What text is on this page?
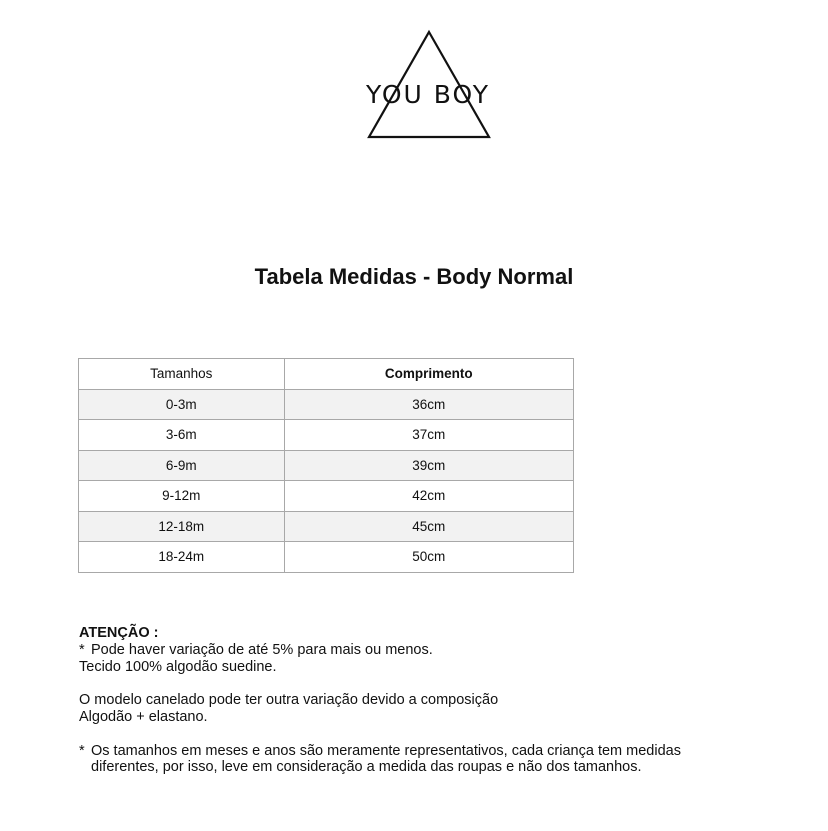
YOU BOY
Tabela Medidas - Body Normal
Tamanhos	Comprimento
0-3m	36cm
3-6m	37cm
6-9m	39cm
9-12m	42cm
12-18m	45cm
18-24m	50cm

ATENÇÃO :

* Pode haver variação de até 5% para mais ou menos.

Tecido 100% algodão suedine.

O modelo canelado pode ter outra variação devido a composição

Algodão + elastano.

* Os tamanhos em meses e anos são meramente representativos, cada criança tem medidas

diferentes, por isso, leve em consideração a medida das roupas e não dos tamanhos.
